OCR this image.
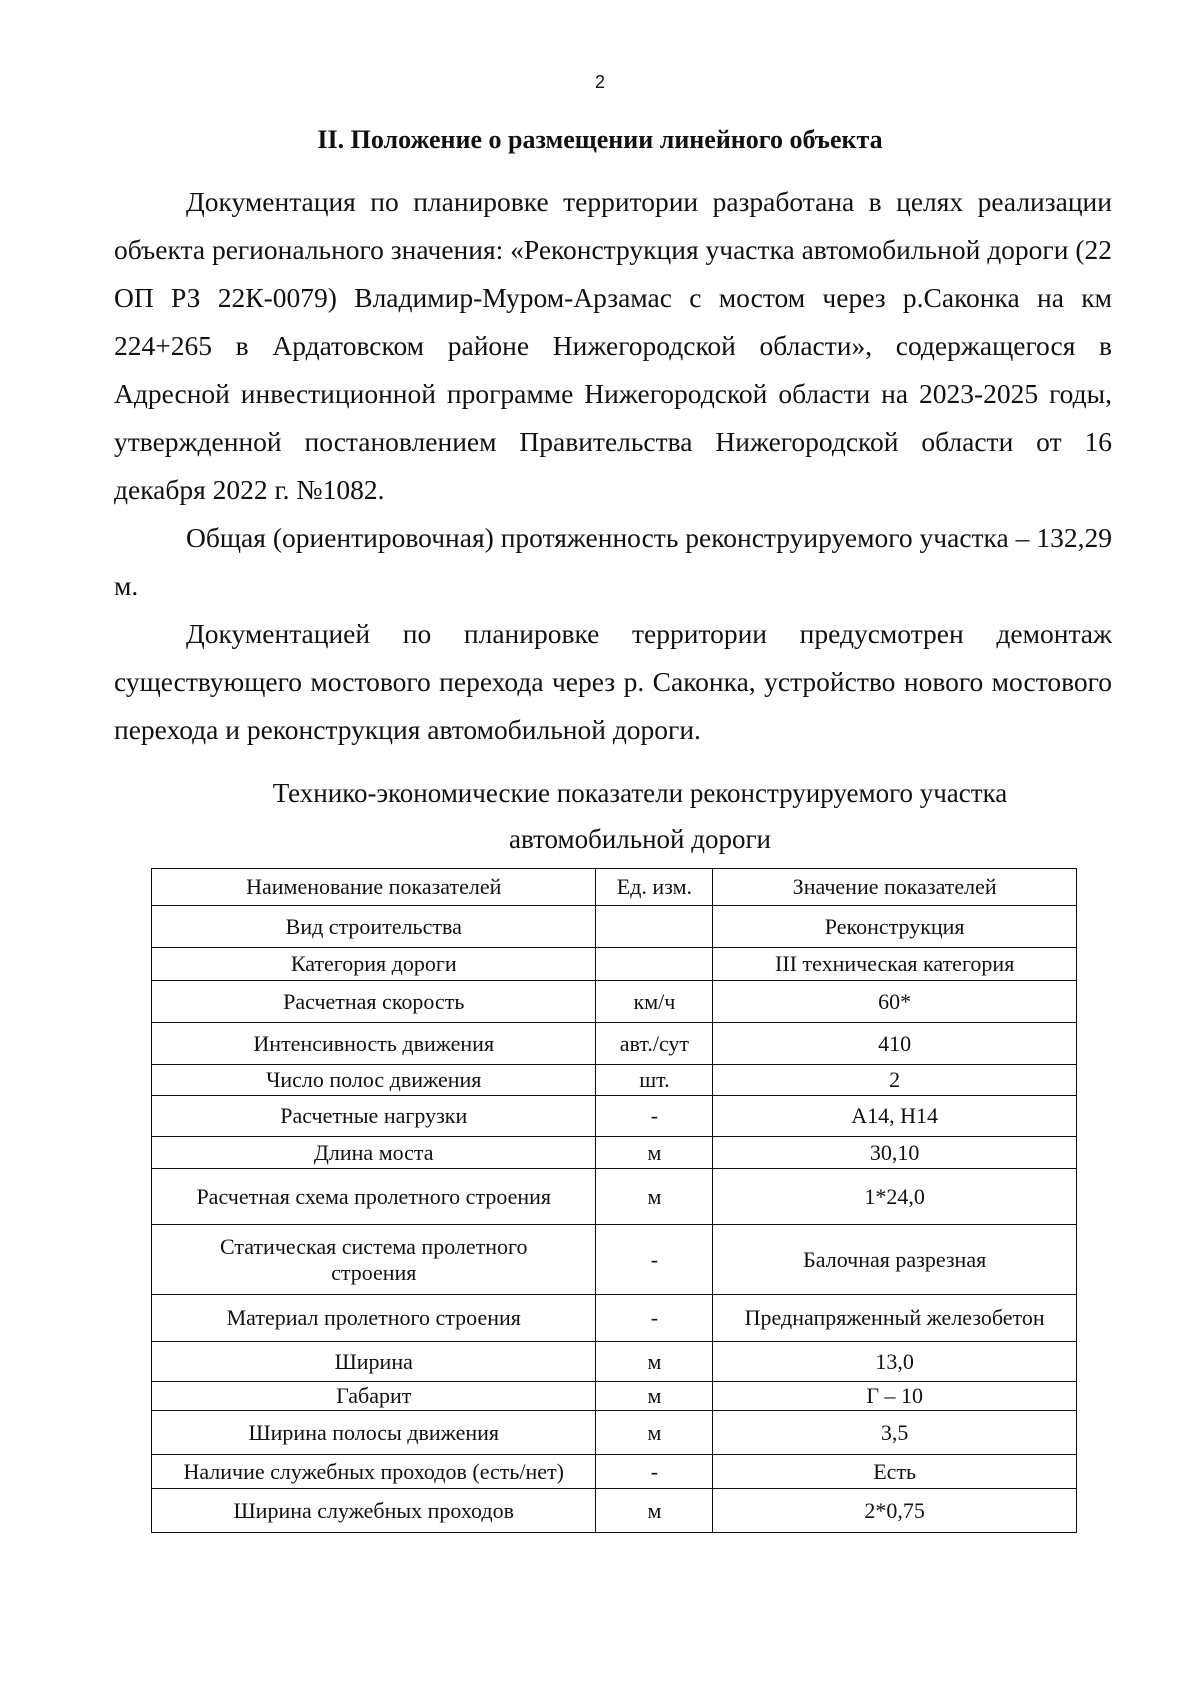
2
II. Положение о размещении линейного объекта

Документация по планировке территории разработана в целях реализации объекта регионального значения: «Реконструкция участка автомобильной дороги (22 ОП РЗ 22К-0079) Владимир-Муром-Арзамас с мостом через р.Саконка на км 224+265 в Ардатовском районе Нижегородской области», содержащегося в Адресной инвестиционной программе Нижегородской области на 2023-2025 годы, утвержденной постановлением Правительства Нижегородской области от 16 декабря 2022 г. №1082.

Общая (ориентировочная) протяженность реконструируемого участка – 132,29 м.

Документацией по планировке территории предусмотрен демонтаж существующего мостового перехода через р. Саконка, устройство нового мостового перехода и реконструкция автомобильной дороги.

Технико-экономические показатели реконструируемого участка
автомобильной дороги
Наименование показателей	Ед. изм.	Значение показателей
Вид строительства		Реконструкция
Категория дороги		III техническая категория
Расчетная скорость	км/ч	60*
Интенсивность движения	авт./сут	410
Число полос движения	шт.	2
Расчетные нагрузки	-	А14, Н14
Длина моста	м	30,10
Расчетная схема пролетного строения	м	1*24,0
Статическая система пролетного строения	-	Балочная разрезная
Материал пролетного строения	-	Преднапряженный железобетон
Ширина	м	13,0
Габарит	м	Г – 10
Ширина полосы движения	м	3,5
Наличие служебных проходов (есть/нет)	-	Есть
Ширина служебных проходов	м	2*0,75
